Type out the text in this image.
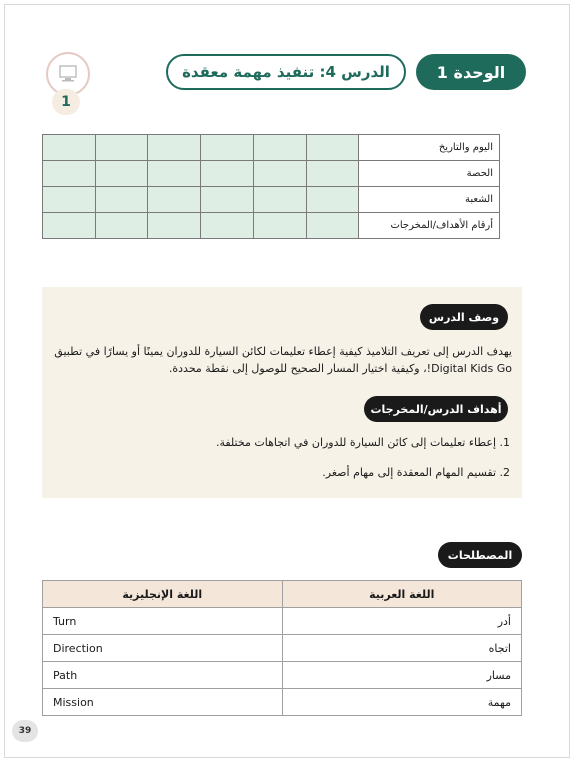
1
الدرس 4: تنفيذ مهمة معقدة	الوحدة 1
اليوم والتاريخ						
الحصة						
الشعبة						
أرقام الأهداف/المخرجات						
وصف الدرس
يهدف الدرس إلى تعريف التلاميذ كيفية إعطاء تعليمات لكائن السيارة للدوران يمينًا أو يسارًا في تطبيق
Digital Kids Go!، وكيفية اختيار المسار الصحيح للوصول إلى نقطة محددة.
أهداف الدرس/المخرجات
1. إعطاء تعليمات إلى كائن السيارة للدوران في اتجاهات مختلفة.
2. تقسيم المهام المعقدة إلى مهام أصغر.
المصطلحات
اللغة الإنجليزية	اللغة العربية
Turn	أدر
Direction	اتجاه
Path	مسار
Mission	مهمة
39
